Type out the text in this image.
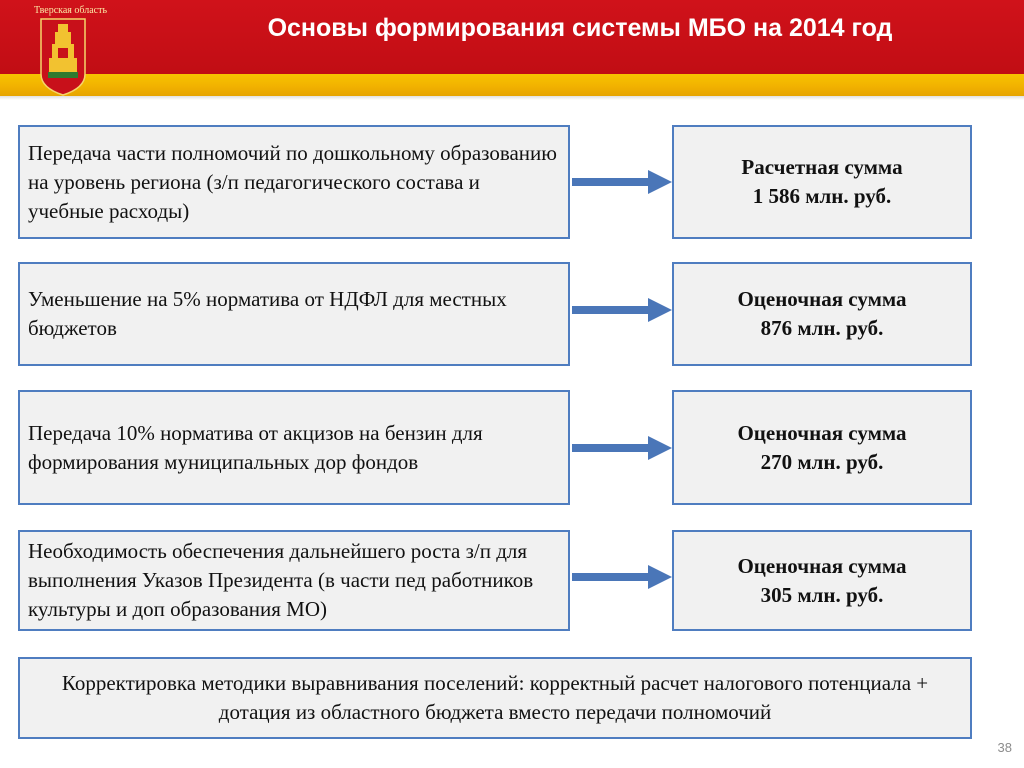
Тверская область
Основы формирования системы МБО на 2014 год
Передача части полномочий по дошкольному образованию на уровень региона (з/п педагогического состава и учебные расходы)
Расчетная сумма
1 586 млн. руб.
Уменьшение на 5% норматива от НДФЛ для местных бюджетов
Оценочная сумма
876 млн. руб.
Передача 10% норматива от акцизов на бензин для формирования муниципальных дор фондов
Оценочная сумма
270 млн. руб.
Необходимость обеспечения дальнейшего роста з/п для выполнения Указов Президента (в части пед работников культуры и доп образования МО)
Оценочная сумма
305 млн. руб.
Корректировка методики выравнивания поселений: корректный расчет налогового потенциала + дотация из областного бюджета вместо передачи полномочий
38
